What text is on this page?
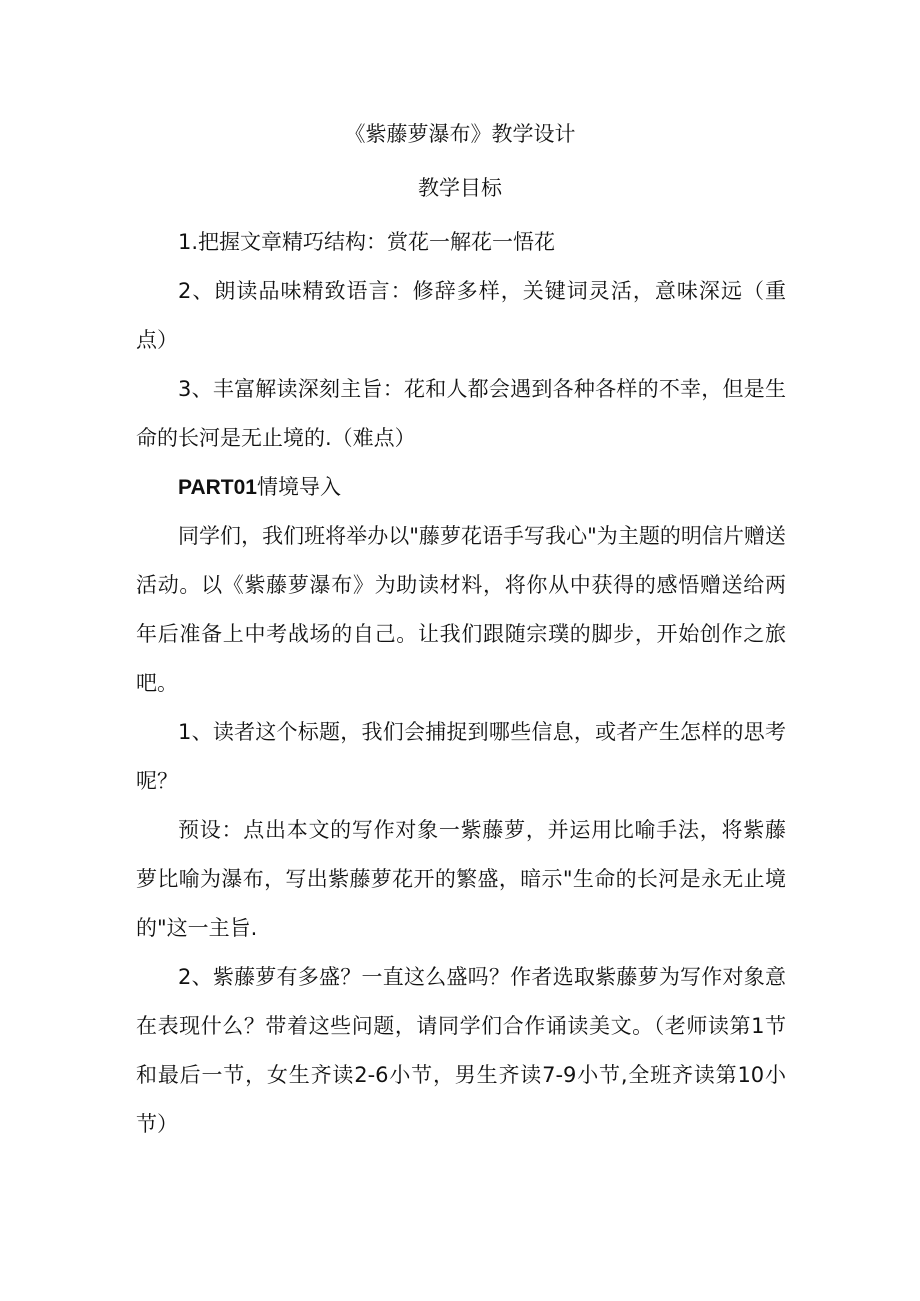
《紫藤萝瀑布》教学设计
教学目标

1.把握文章精巧结构：赏花一解花一悟花

2、朗读品味精致语言：修辞多样，关键词灵活，意味深远（重点）

3、丰富解读深刻主旨：花和人都会遇到各种各样的不幸，但是生命的长河是无止境的.（难点）

PART01情境导入

同学们，我们班将举办以"藤萝花语手写我心"为主题的明信片赠送活动。以《紫藤萝瀑布》为助读材料，将你从中获得的感悟赠送给两年后准备上中考战场的自己。让我们跟随宗璞的脚步，开始创作之旅吧。

1、读者这个标题，我们会捕捉到哪些信息，或者产生怎样的思考呢？

预设：点出本文的写作对象一紫藤萝，并运用比喻手法，将紫藤萝比喻为瀑布，写出紫藤萝花开的繁盛，暗示"生命的长河是永无止境的"这一主旨.

2、紫藤萝有多盛？一直这么盛吗？作者选取紫藤萝为写作对象意在表现什么？带着这些问题，请同学们合作诵读美文。（老师读第1节和最后一节，女生齐读2-6小节，男生齐读7-9小节,全班齐读第10小节）
